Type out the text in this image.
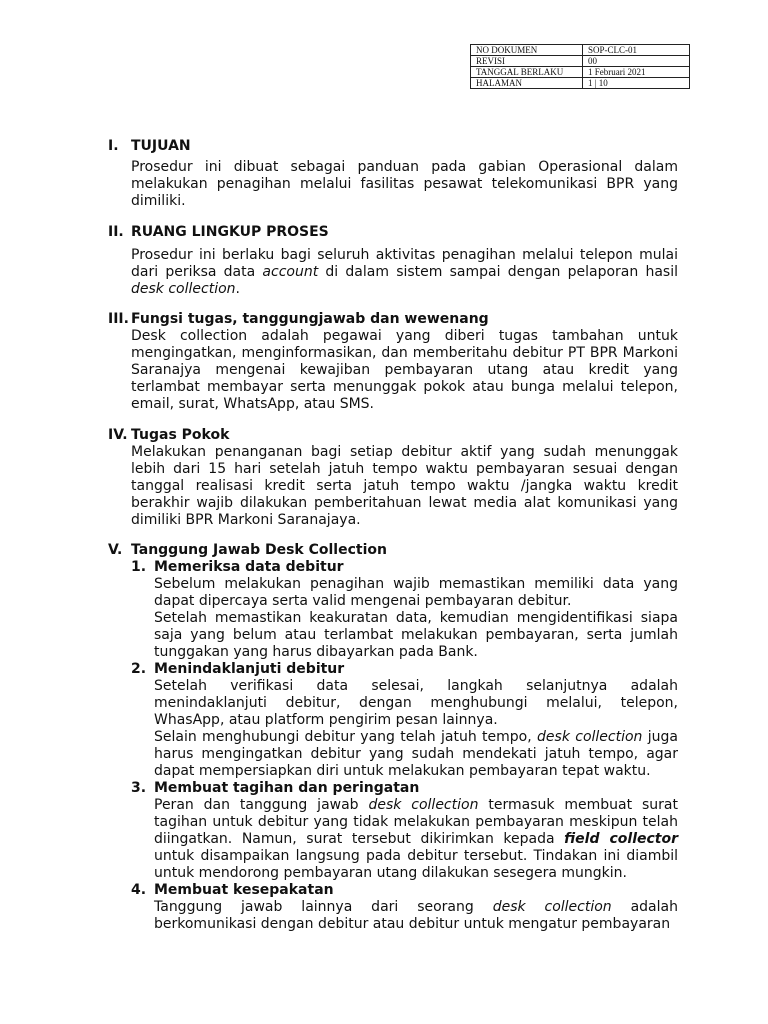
NO DOKUMEN	SOP-CLC-01
REVISI	00
TANGGAL BERLAKU	1 Februari 2021
HALAMAN	1 | 10
I. TUJUAN
Prosedur ini dibuat sebagai panduan pada gabian Operasional dalam melakukan penagihan melalui fasilitas pesawat telekomunikasi BPR yang dimiliki.
II. RUANG LINGKUP PROSES
Prosedur ini berlaku bagi seluruh aktivitas penagihan melalui telepon mulai dari periksa data account di dalam sistem sampai dengan pelaporan hasil desk collection.
III. Fungsi tugas, tanggungjawab dan wewenang
Desk collection adalah pegawai yang diberi tugas tambahan untuk mengingatkan, menginformasikan, dan memberitahu debitur PT BPR Markoni Saranajya mengenai kewajiban pembayaran utang atau kredit yang terlambat membayar serta menunggak pokok atau bunga melalui telepon, email, surat, WhatsApp, atau SMS.
IV. Tugas Pokok
Melakukan penanganan bagi setiap debitur aktif yang sudah menunggak lebih dari 15 hari setelah jatuh tempo waktu pembayaran sesuai dengan tanggal realisasi kredit serta jatuh tempo waktu /jangka waktu kredit berakhir wajib dilakukan pemberitahuan lewat media alat komunikasi yang dimiliki BPR Markoni Saranajaya.
V. Tanggung Jawab Desk Collection
1. Memeriksa data debitur
Sebelum melakukan penagihan wajib memastikan memiliki data yang dapat dipercaya serta valid mengenai pembayaran debitur.
Setelah memastikan keakuratan data, kemudian mengidentifikasi siapa saja yang belum atau terlambat melakukan pembayaran, serta jumlah tunggakan yang harus dibayarkan pada Bank.
2. Menindaklanjuti debitur
Setelah verifikasi data selesai, langkah selanjutnya adalah menindaklanjuti debitur, dengan menghubungi melalui, telepon, WhasApp, atau platform pengirim pesan lainnya.
Selain menghubungi debitur yang telah jatuh tempo, desk collection juga harus mengingatkan debitur yang sudah mendekati jatuh tempo, agar dapat mempersiapkan diri untuk melakukan pembayaran tepat waktu.
3. Membuat tagihan dan peringatan
Peran dan tanggung jawab desk collection termasuk membuat surat tagihan untuk debitur yang tidak melakukan pembayaran meskipun telah diingatkan. Namun, surat tersebut dikirimkan kepada field collector untuk disampaikan langsung pada debitur tersebut. Tindakan ini diambil untuk mendorong pembayaran utang dilakukan sesegera mungkin.
4. Membuat kesepakatan
Tanggung jawab lainnya dari seorang desk collection adalah berkomunikasi dengan debitur atau debitur untuk mengatur pembayaran
